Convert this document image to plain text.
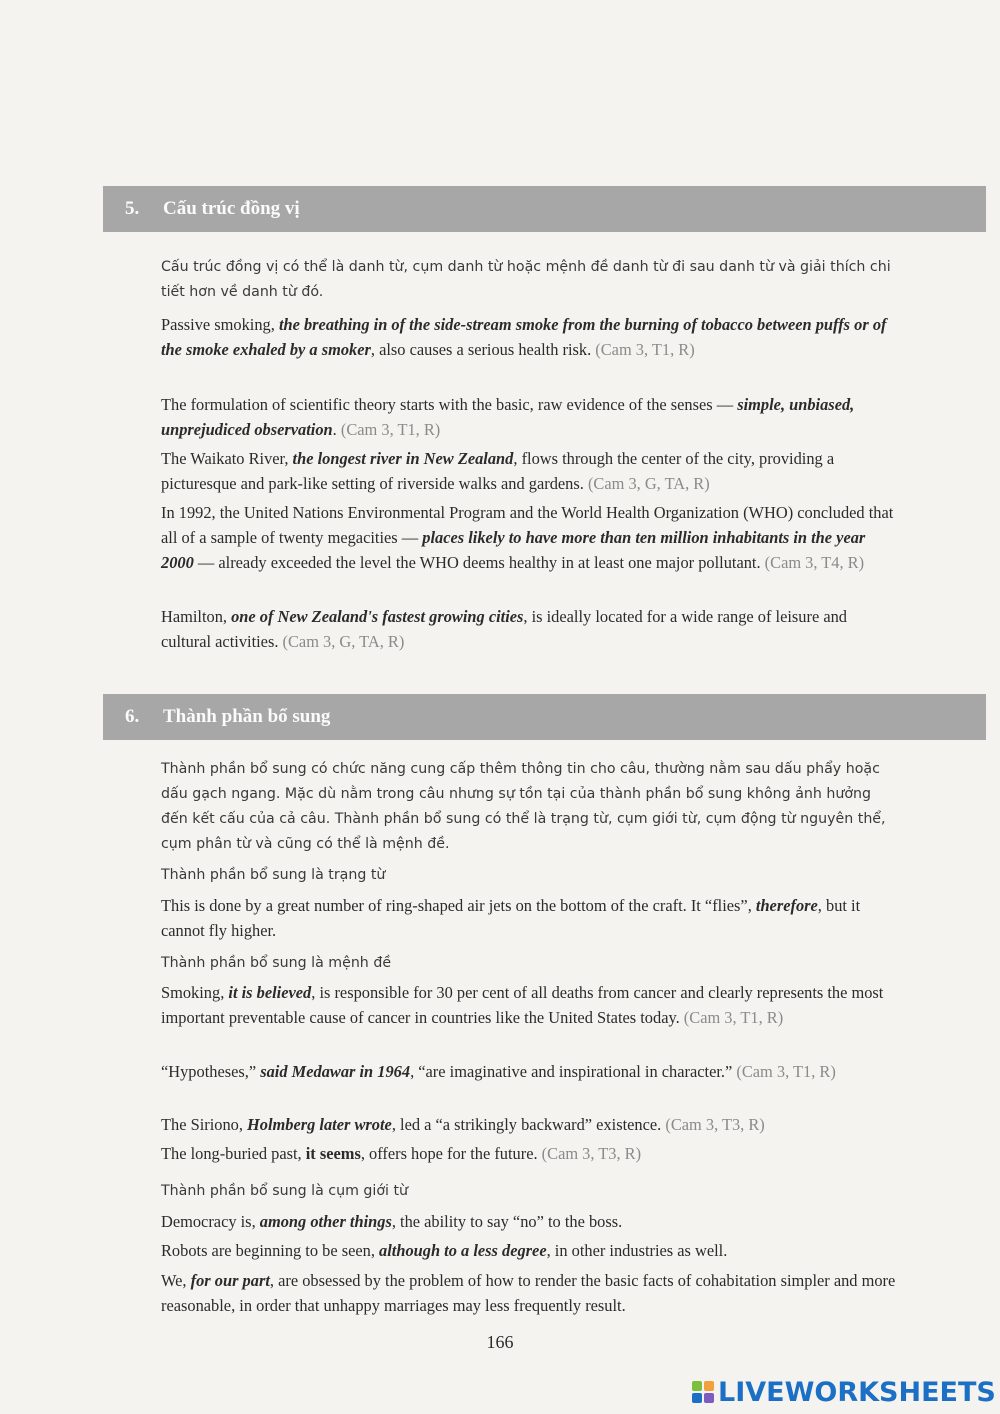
5.	Cấu trúc đồng vị

Cấu trúc đồng vị có thể là danh từ, cụm danh từ hoặc mệnh đề danh từ đi sau danh từ và giải thích chi tiết hơn về danh từ đó.

Passive smoking, the breathing in of the side-stream smoke from the burning of tobacco between puffs or of the smoke exhaled by a smoker, also causes a serious health risk. (Cam 3, T1, R)

The formulation of scientific theory starts with the basic, raw evidence of the senses — simple, unbiased, unprejudiced observation. (Cam 3, T1, R)

The Waikato River, the longest river in New Zealand, flows through the center of the city, providing a picturesque and park-like setting of riverside walks and gardens. (Cam 3, G, TA, R)

In 1992, the United Nations Environmental Program and the World Health Organization (WHO) concluded that all of a sample of twenty megacities — places likely to have more than ten million inhabitants in the year 2000 — already exceeded the level the WHO deems healthy in at least one major pollutant. (Cam 3, T4, R)

Hamilton, one of New Zealand's fastest growing cities, is ideally located for a wide range of leisure and cultural activities. (Cam 3, G, TA, R)

6.	Thành phần bổ sung

Thành phần bổ sung có chức năng cung cấp thêm thông tin cho câu, thường nằm sau dấu phẩy hoặc dấu gạch ngang. Mặc dù nằm trong câu nhưng sự tồn tại của thành phần bổ sung không ảnh hưởng đến kết cấu của cả câu. Thành phần bổ sung có thể là trạng từ, cụm giới từ, cụm động từ nguyên thể, cụm phân từ và cũng có thể là mệnh đề.

Thành phần bổ sung là trạng từ

This is done by a great number of ring-shaped air jets on the bottom of the craft. It “flies”, therefore, but it cannot fly higher.

Thành phần bổ sung là mệnh đề

Smoking, it is believed, is responsible for 30 per cent of all deaths from cancer and clearly represents the most important preventable cause of cancer in countries like the United States today. (Cam 3, T1, R)

“Hypotheses,” said Medawar in 1964, “are imaginative and inspirational in character.” (Cam 3, T1, R)

The Siriono, Holmberg later wrote, led a “a strikingly backward” existence. (Cam 3, T3, R)

The long-buried past, it seems, offers hope for the future. (Cam 3, T3, R)

Thành phần bổ sung là cụm giới từ

Democracy is, among other things, the ability to say “no” to the boss.

Robots are beginning to be seen, although to a less degree, in other industries as well.

We, for our part, are obsessed by the problem of how to render the basic facts of cohabitation simpler and more reasonable, in order that unhappy marriages may less frequently result.

166
LIVEWORKSHEETS
